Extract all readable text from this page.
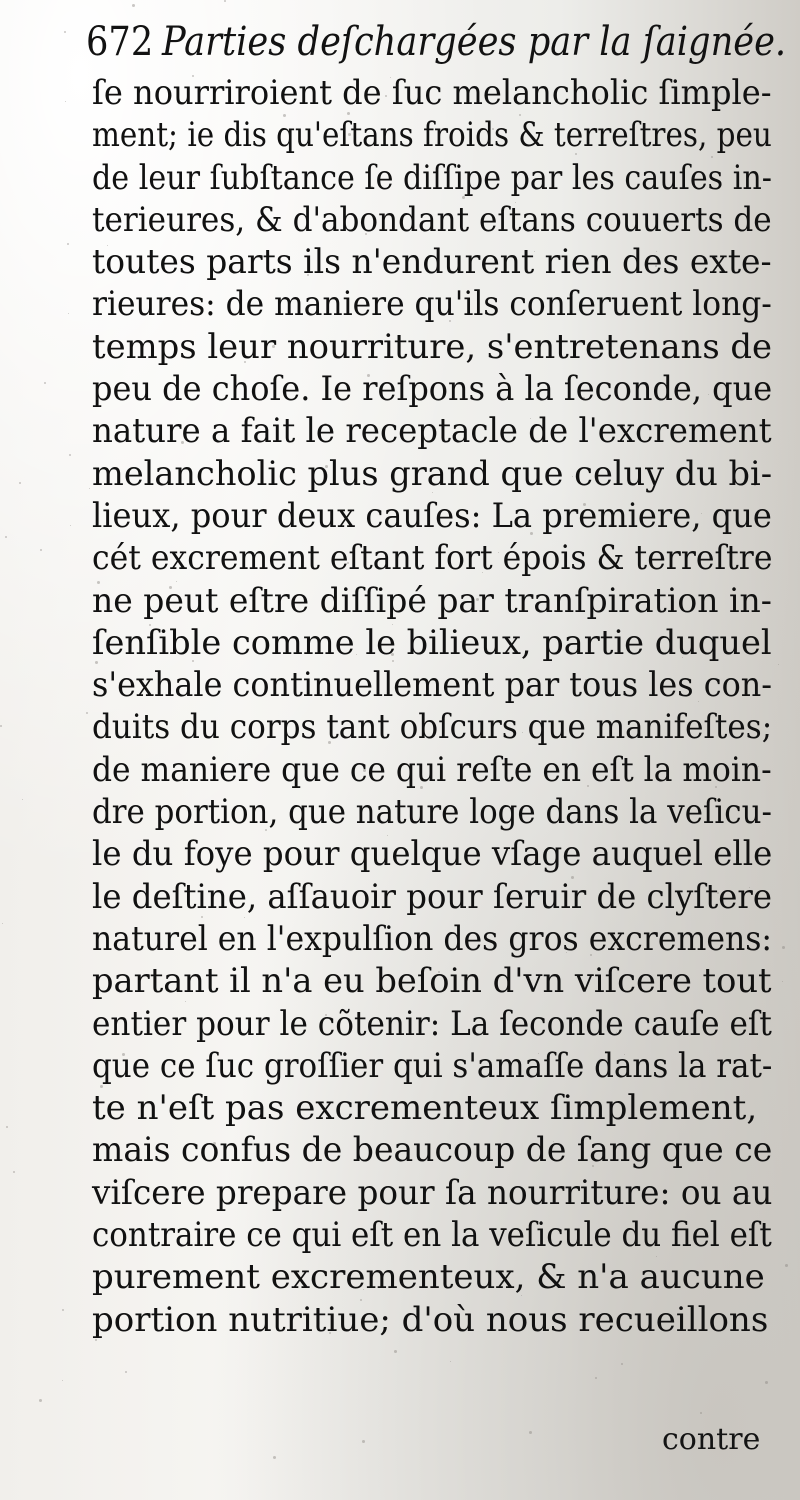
672 Parties deſchargées par la ſaignée.
ſe nourriroient de ſuc melancholic ſimple-
ment; ie dis qu'eſtans froids & terreſtres, peu
de leur ſubſtance ſe diſſipe par les cauſes in-
terieures, & d'abondant eſtans couuerts de
toutes parts ils n'endurent rien des exte-
rieures: de maniere qu'ils conſeruent long-
temps leur nourriture, s'entretenans de
peu de choſe. Ie reſpons à la ſeconde, que
nature a fait le receptacle de l'excrement
melancholic plus grand que celuy du bi-
lieux, pour deux cauſes: La premiere, que
cét excrement eſtant fort épois & terreſtre
ne peut eſtre diſſipé par tranſpiration in-
ſenſible comme le bilieux, partie duquel
s'exhale continuellement par tous les con-
duits du corps tant obſcurs que manifeſtes;
de maniere que ce qui reſte en eſt la moin-
dre portion, que nature loge dans la veſicu-
le du foye pour quelque vſage auquel elle
le deſtine, aſſauoir pour ſeruir de clyſtere
naturel en l'expulſion des gros excremens:
partant il n'a eu beſoin d'vn viſcere tout
entier pour le cõtenir: La ſeconde cauſe eſt
que ce ſuc groſſier qui s'amaſſe dans la rat-
te n'eſt pas excrementeux ſimplement,
mais confus de beaucoup de ſang que ce
viſcere prepare pour ſa nourriture: ou au
contraire ce qui eſt en la veſicule du fiel eſt
purement excrementeux, & n'a aucune
portion nutritiue; d'où nous recueillons
contre
